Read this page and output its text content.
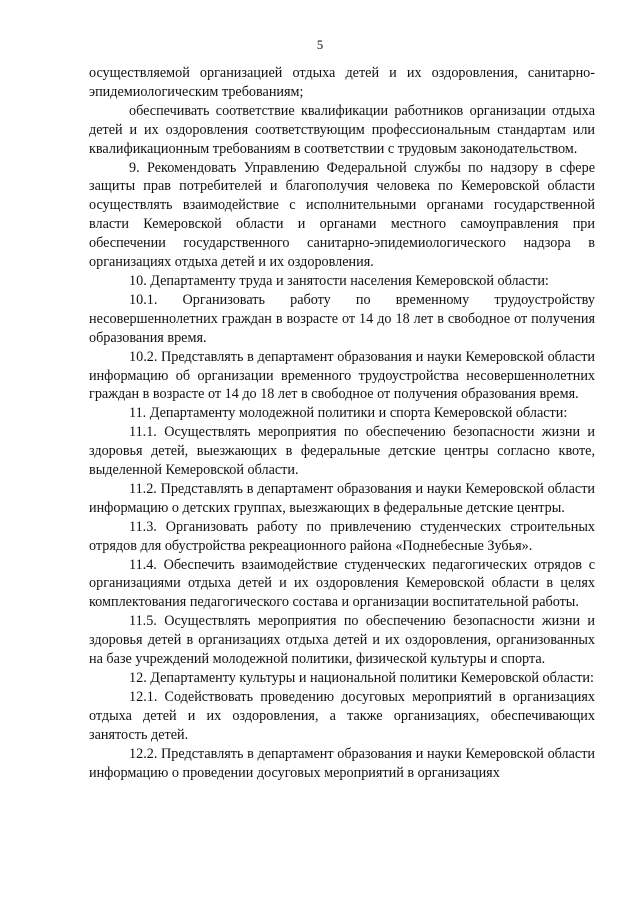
5

осуществляемой организацией отдыха детей и их оздоровления, санитарно-эпидемиологическим требованиям;

обеспечивать соответствие квалификации работников организации отдыха детей и их оздоровления соответствующим профессиональным стандартам или квалификационным требованиям в соответствии с трудовым законодательством.

9. Рекомендовать Управлению Федеральной службы по надзору в сфере защиты прав потребителей и благополучия человека по Кемеровской области осуществлять взаимодействие с исполнительными органами государственной власти Кемеровской области и органами местного самоуправления при обеспечении государственного санитарно-эпидемиологического надзора в организациях отдыха детей и их оздоровления.

10. Департаменту труда и занятости населения Кемеровской области:

10.1. Организовать работу по временному трудоустройству несовершеннолетних граждан в возрасте от 14 до 18 лет в свободное от получения образования время.

10.2. Представлять в департамент образования и науки Кемеровской области информацию об организации временного трудоустройства несовершеннолетних граждан в возрасте от 14 до 18 лет в свободное от получения образования время.

11. Департаменту молодежной политики и спорта Кемеровской области:

11.1. Осуществлять мероприятия по обеспечению безопасности жизни и здоровья детей, выезжающих в федеральные детские центры согласно квоте, выделенной Кемеровской области.

11.2. Представлять в департамент образования и науки Кемеровской области информацию о детских группах, выезжающих в федеральные детские центры.

11.3. Организовать работу по привлечению студенческих строительных отрядов для обустройства рекреационного района «Поднебесные Зубья».

11.4. Обеспечить взаимодействие студенческих педагогических отрядов с организациями отдыха детей и их оздоровления Кемеровской области в целях комплектования педагогического состава и организации воспитательной работы.

11.5. Осуществлять мероприятия по обеспечению безопасности жизни и здоровья детей в организациях отдыха детей и их оздоровления, организованных на базе учреждений молодежной политики, физической культуры и спорта.

12. Департаменту культуры и национальной политики Кемеровской области:

12.1. Содействовать проведению досуговых мероприятий в организациях отдыха детей и их оздоровления, а также организациях, обеспечивающих занятость детей.

12.2. Представлять в департамент образования и науки Кемеровской области информацию о проведении досуговых мероприятий в организациях
